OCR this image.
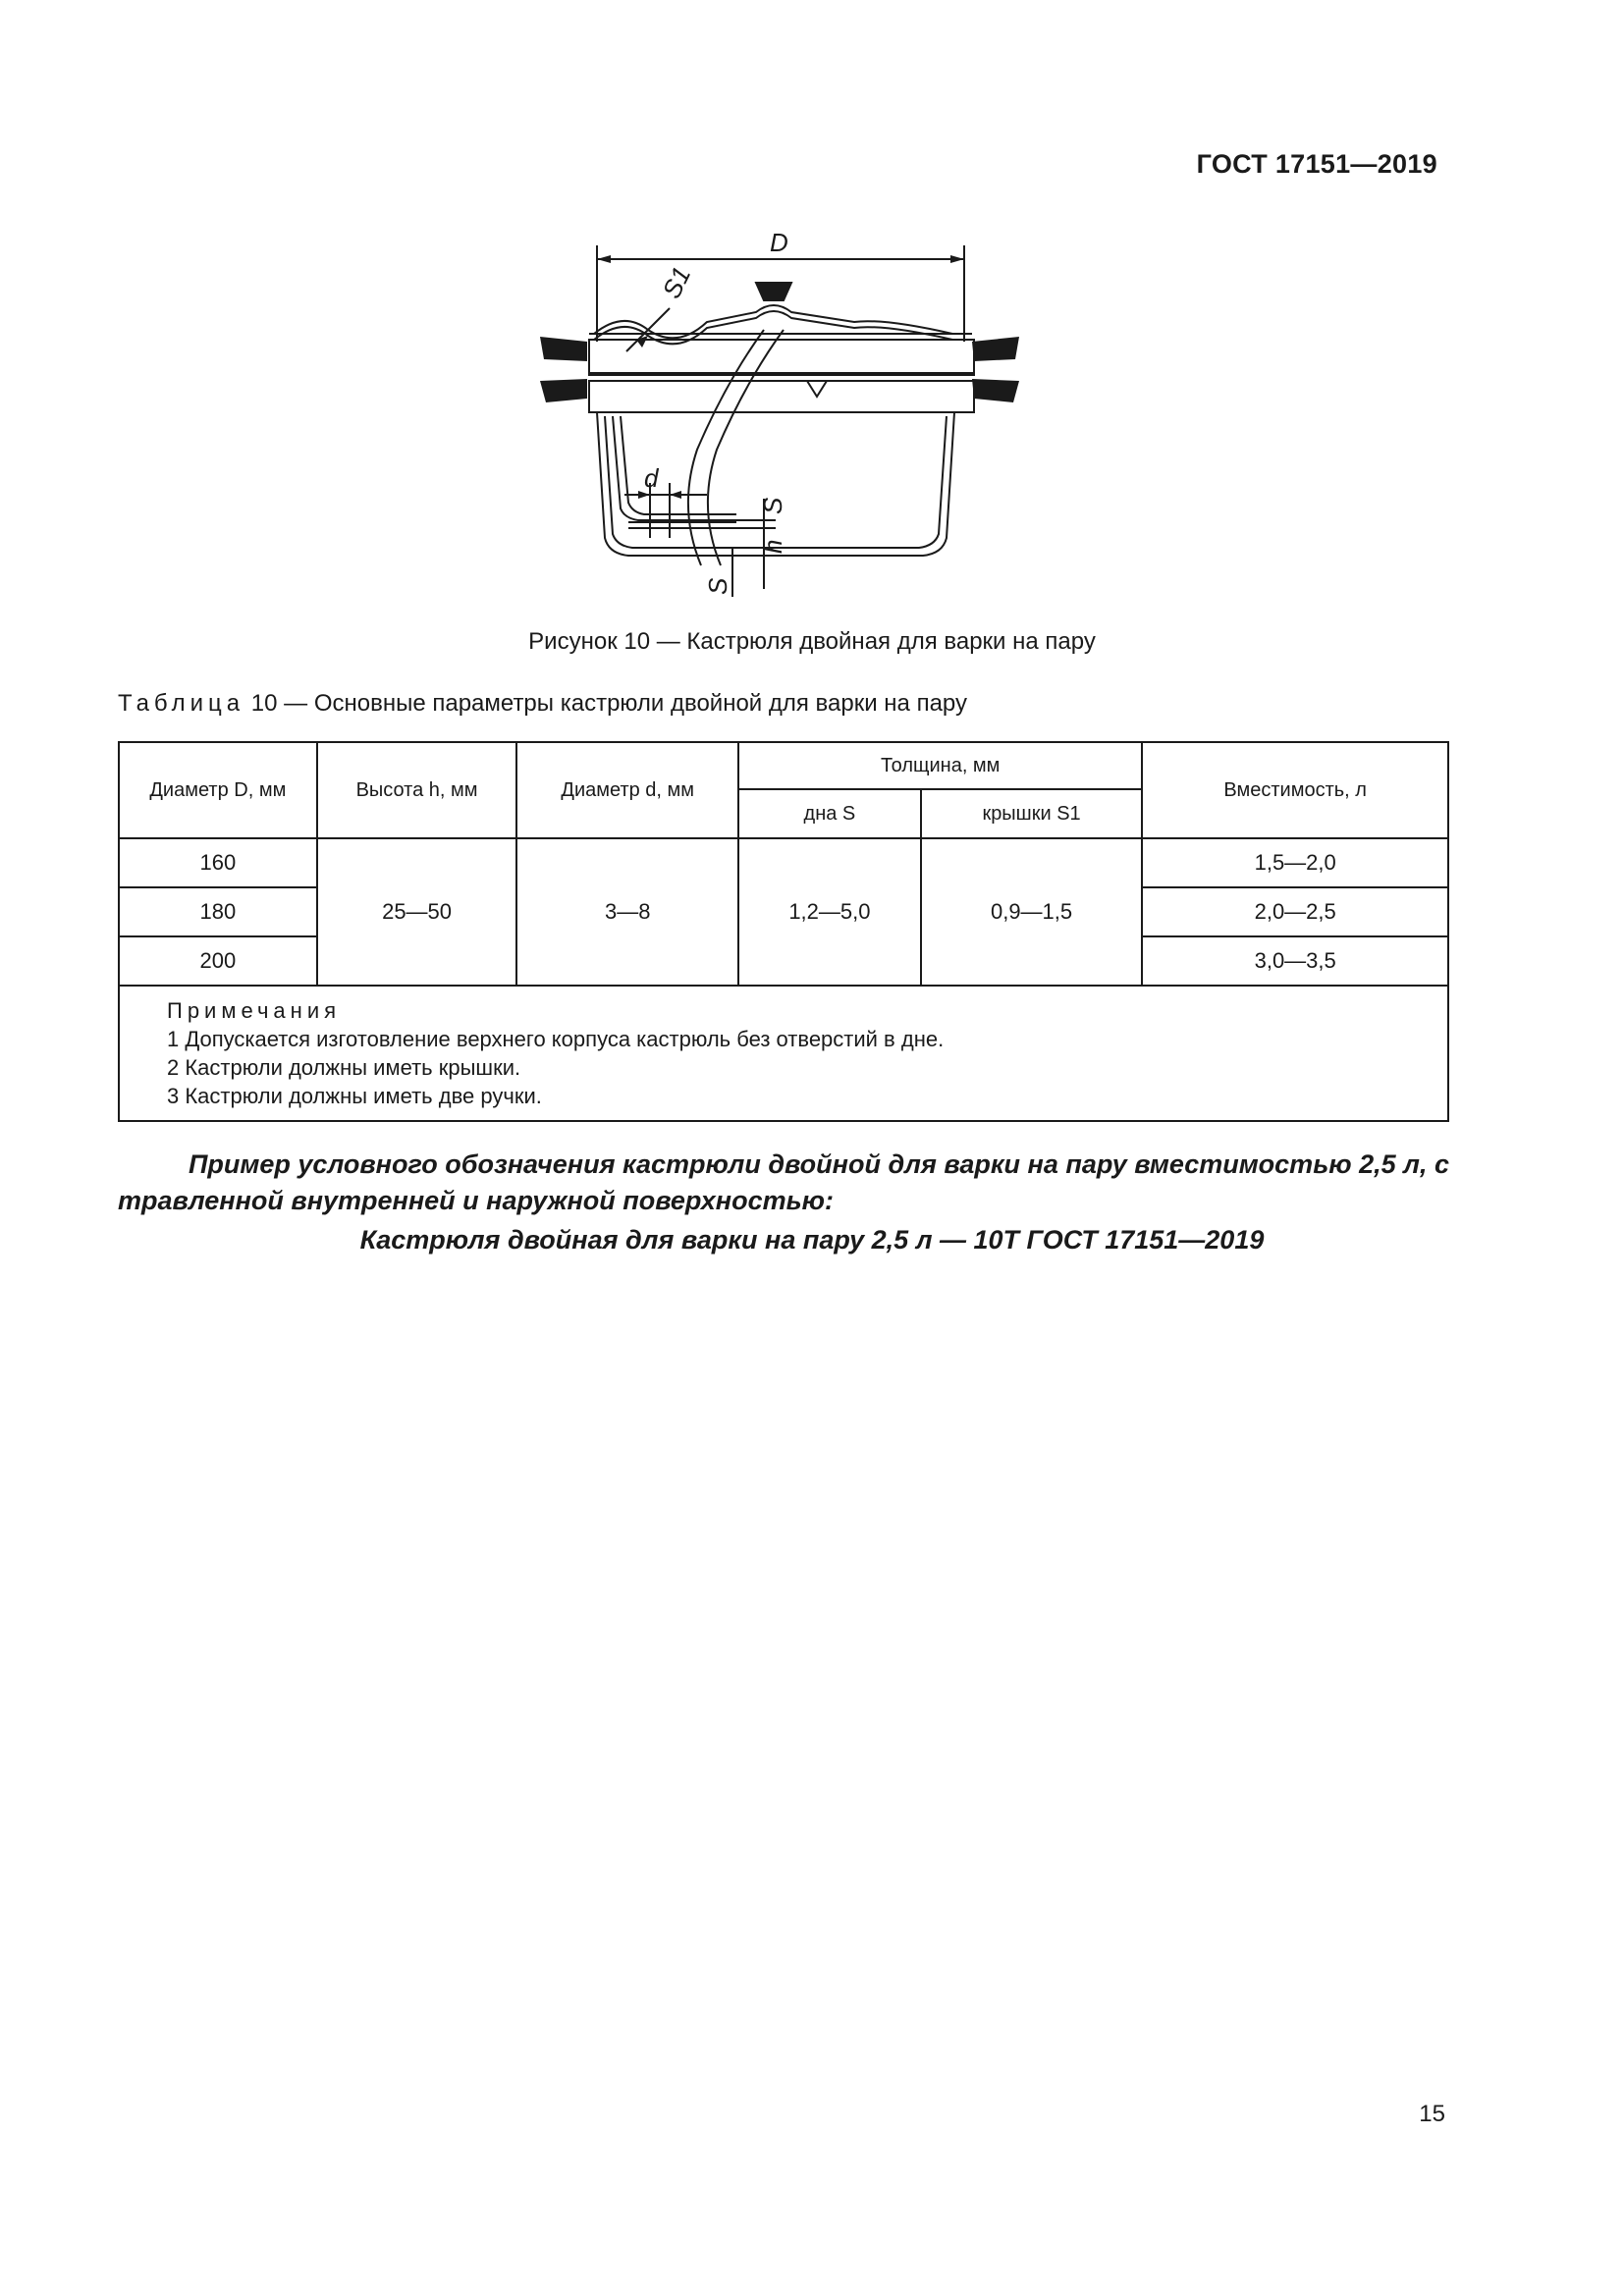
ГОСТ 17151—2019
D
S1
d
S
h
S
Рисунок 10 — Кастрюля двойная для варки на пару
Таблица 10 — Основные параметры кастрюли двойной для варки на пару
Диаметр D, мм	Высота h, мм	Диаметр d, мм	Толщина, мм		Вместимость, л
			дна S	крышки S1	
160	25—50	3—8	1,2—5,0	0,9—1,5	1,5—2,0
180					2,0—2,5
200					3,0—3,5

Примечания
1 Допускается изготовление верхнего корпуса кастрюль без отверстий в дне.
2 Кастрюли должны иметь крышки.
3 Кастрюли должны иметь две ручки.					
Пример условного обозначения кастрюли двойной для варки на пару вместимостью 2,5 л, с травленной внутренней и наружной поверхностью:
Кастрюля двойная для варки на пару 2,5 л — 10Т ГОСТ 17151—2019
15
